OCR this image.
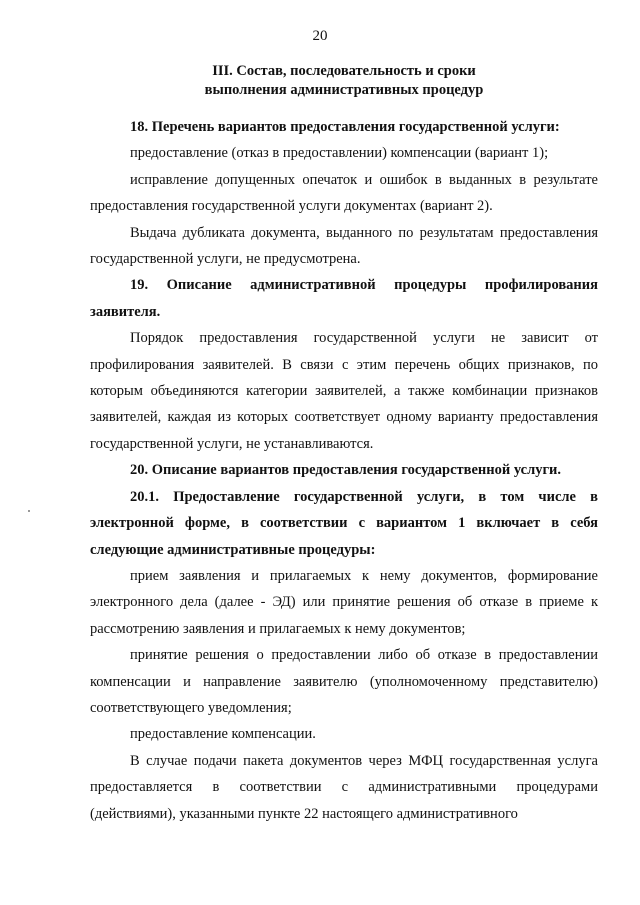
20
III. Состав, последовательность и сроки
выполнения административных процедур

18. Перечень вариантов предоставления государственной услуги:

предоставление (отказ в предоставлении) компенсации (вариант 1);

исправление допущенных опечаток и ошибок в выданных в результате предоставления государственной услуги документах (вариант 2).

Выдача дубликата документа, выданного по результатам предоставления государственной услуги, не предусмотрена.

19. Описание административной процедуры профилирования заявителя.

Порядок предоставления государственной услуги не зависит от профилирования заявителей. В связи с этим перечень общих признаков, по которым объединяются категории заявителей, а также комбинации признаков заявителей, каждая из которых соответствует одному варианту предоставления государственной услуги, не устанавливаются.

20. Описание вариантов предоставления государственной услуги.

20.1. Предоставление государственной услуги, в том числе в электронной форме, в соответствии с вариантом 1 включает в себя следующие административные процедуры:

прием заявления и прилагаемых к нему документов, формирование электронного дела (далее - ЭД) или принятие решения об отказе в приеме к рассмотрению заявления и прилагаемых к нему документов;

принятие решения о предоставлении либо об отказе в предоставлении компенсации и направление заявителю (уполномоченному представителю) соответствующего уведомления;

предоставление компенсации.

В случае подачи пакета документов через МФЦ государственная услуга предоставляется в соответствии с административными процедурами (действиями), указанными пункте 22 настоящего административного
